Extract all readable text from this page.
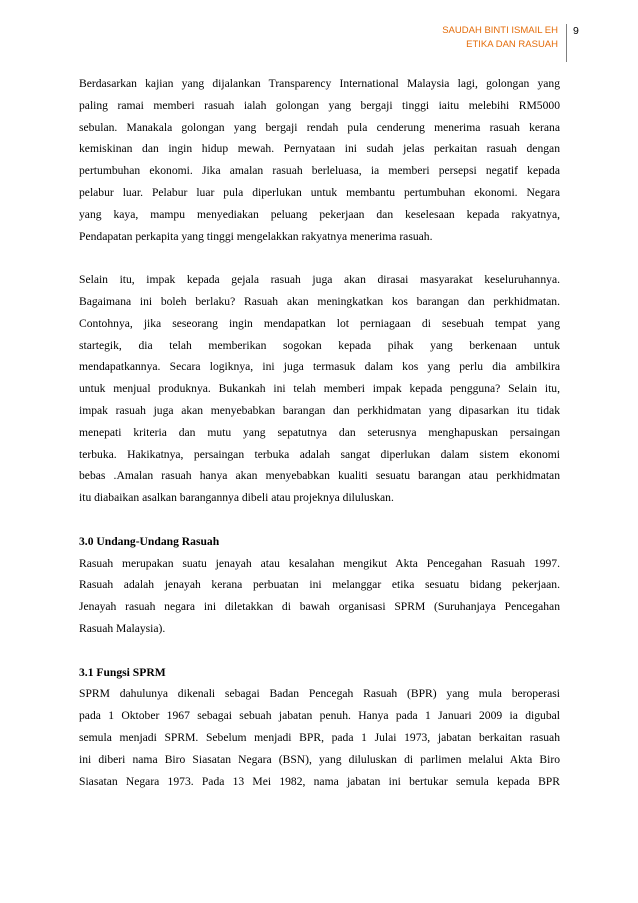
SAUDAH BINTI ISMAIL EH
ETIKA DAN RASUAH
9
Berdasarkan kajian yang dijalankan Transparency International Malaysia lagi, golongan yang
paling ramai memberi rasuah ialah golongan yang bergaji tinggi iaitu melebihi RM5000
sebulan. Manakala golongan yang bergaji rendah pula cenderung menerima rasuah kerana
kemiskinan dan ingin hidup mewah. Pernyataan ini sudah jelas perkaitan rasuah dengan
pertumbuhan ekonomi. Jika amalan rasuah berleluasa, ia memberi persepsi negatif kepada
pelabur luar. Pelabur luar pula diperlukan untuk membantu pertumbuhan ekonomi. Negara
yang kaya, mampu menyediakan peluang pekerjaan dan keselesaan kepada rakyatnya,
Pendapatan perkapita yang tinggi mengelakkan rakyatnya menerima rasuah.
Selain itu, impak kepada gejala rasuah juga akan dirasai masyarakat keseluruhannya.
Bagaimana ini boleh berlaku? Rasuah akan meningkatkan kos barangan dan perkhidmatan.
Contohnya, jika seseorang ingin mendapatkan lot perniagaan di sesebuah tempat yang
startegik, dia telah memberikan sogokan kepada pihak yang berkenaan untuk
mendapatkannya. Secara logiknya, ini juga termasuk dalam kos yang perlu dia ambilkira
untuk menjual produknya. Bukankah ini telah memberi impak kepada pengguna? Selain itu,
impak rasuah juga akan menyebabkan barangan dan perkhidmatan yang dipasarkan itu tidak
menepati kriteria dan mutu yang sepatutnya dan seterusnya menghapuskan persaingan
terbuka. Hakikatnya, persaingan terbuka adalah sangat diperlukan dalam sistem ekonomi
bebas .Amalan rasuah hanya akan menyebabkan kualiti sesuatu barangan atau perkhidmatan
itu diabaikan asalkan barangannya dibeli atau projeknya diluluskan.
3.0 Undang-Undang Rasuah
Rasuah merupakan suatu jenayah atau kesalahan mengikut Akta Pencegahan Rasuah 1997.
Rasuah adalah jenayah kerana perbuatan ini melanggar etika sesuatu bidang pekerjaan.
Jenayah rasuah negara ini diletakkan di bawah organisasi SPRM (Suruhanjaya Pencegahan
Rasuah Malaysia).
3.1 Fungsi SPRM
SPRM dahulunya dikenali sebagai Badan Pencegah Rasuah (BPR) yang mula beroperasi
pada 1 Oktober 1967 sebagai sebuah jabatan penuh. Hanya pada 1 Januari 2009 ia digubal
semula menjadi SPRM. Sebelum menjadi BPR, pada 1 Julai 1973, jabatan berkaitan rasuah
ini diberi nama Biro Siasatan Negara (BSN), yang diluluskan di parlimen melalui Akta Biro
Siasatan Negara 1973. Pada 13 Mei 1982, nama jabatan ini bertukar semula kepada BPR
